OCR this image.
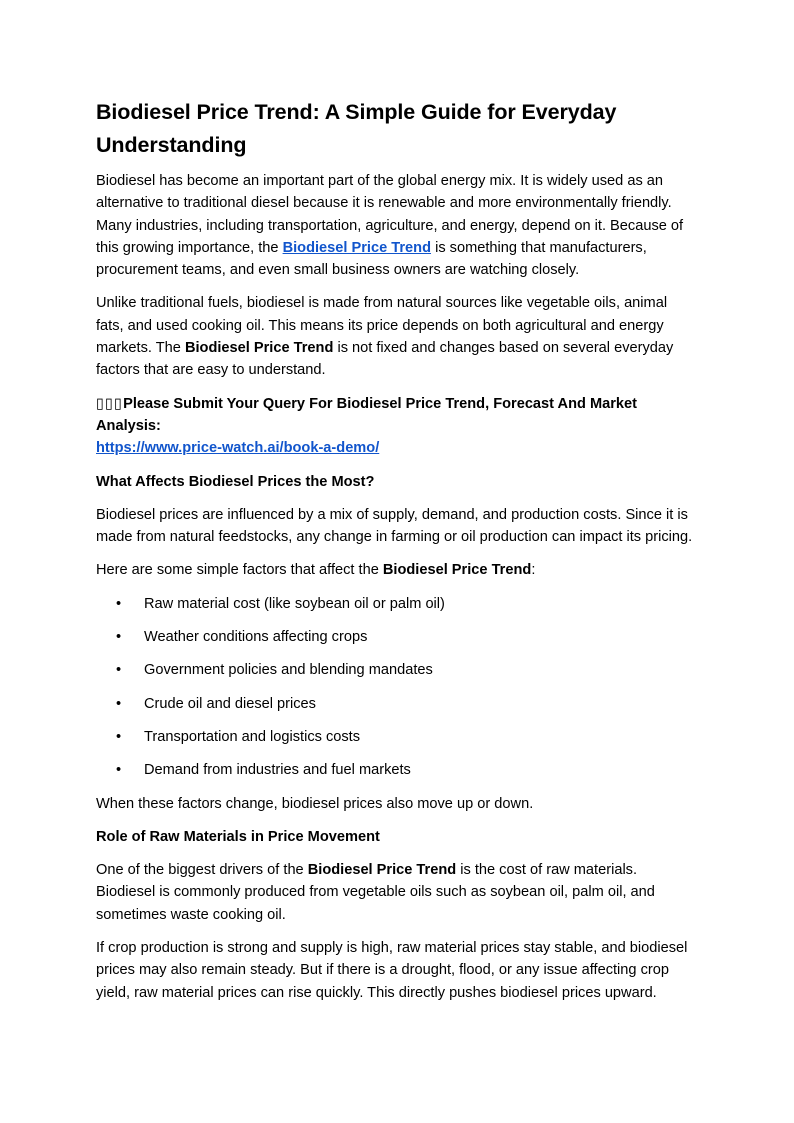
Biodiesel Price Trend: A Simple Guide for Everyday Understanding

Biodiesel has become an important part of the global energy mix. It is widely used as an alternative to traditional diesel because it is renewable and more environmentally friendly. Many industries, including transportation, agriculture, and energy, depend on it. Because of this growing importance, the Biodiesel Price Trend is something that manufacturers, procurement teams, and even small business owners are watching closely.

Unlike traditional fuels, biodiesel is made from natural sources like vegetable oils, animal fats, and used cooking oil. This means its price depends on both agricultural and energy markets. The Biodiesel Price Trend is not fixed and changes based on several everyday factors that are easy to understand.

▯▯▯Please Submit Your Query For Biodiesel Price Trend, Forecast And Market Analysis:
https://www.price-watch.ai/book-a-demo/

What Affects Biodiesel Prices the Most?

Biodiesel prices are influenced by a mix of supply, demand, and production costs. Since it is made from natural feedstocks, any change in farming or oil production can impact its pricing.

Here are some simple factors that affect the Biodiesel Price Trend:

• Raw material cost (like soybean oil or palm oil)
• Weather conditions affecting crops
• Government policies and blending mandates
• Crude oil and diesel prices
• Transportation and logistics costs
• Demand from industries and fuel markets

When these factors change, biodiesel prices also move up or down.

Role of Raw Materials in Price Movement

One of the biggest drivers of the Biodiesel Price Trend is the cost of raw materials. Biodiesel is commonly produced from vegetable oils such as soybean oil, palm oil, and sometimes waste cooking oil.

If crop production is strong and supply is high, raw material prices stay stable, and biodiesel prices may also remain steady. But if there is a drought, flood, or any issue affecting crop yield, raw material prices can rise quickly. This directly pushes biodiesel prices upward.
